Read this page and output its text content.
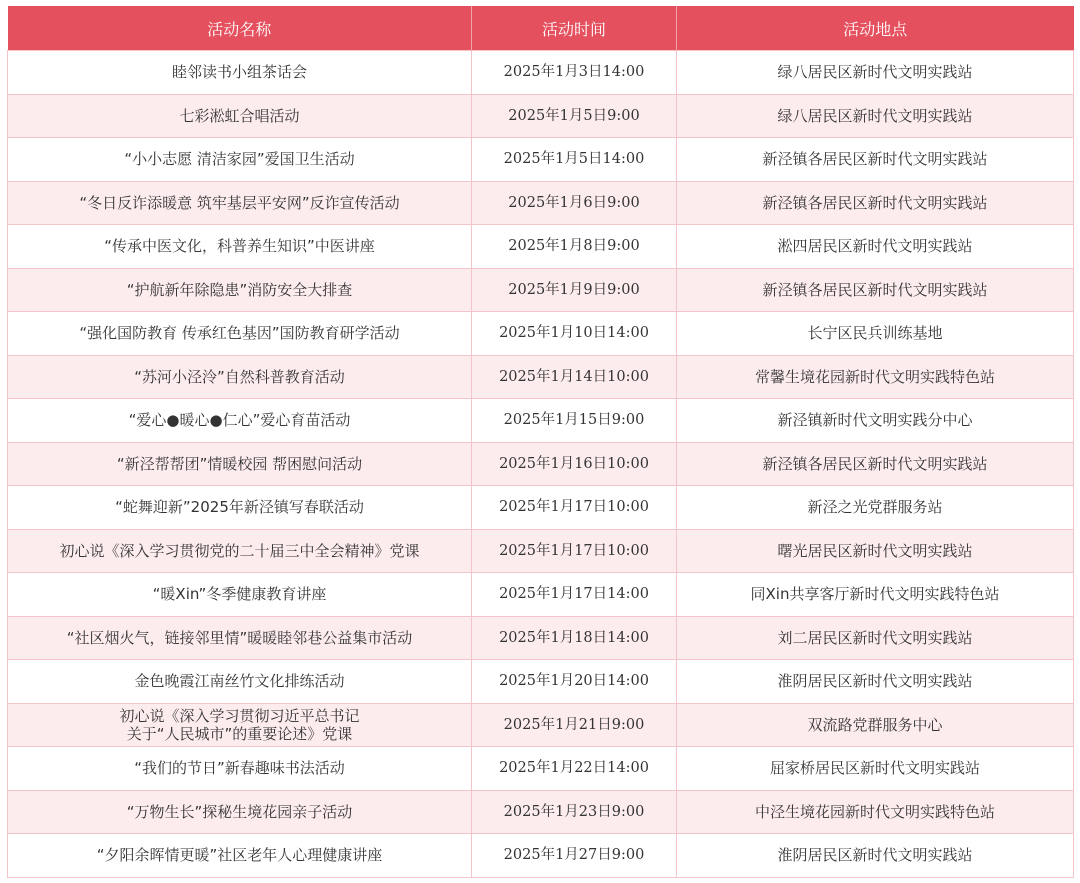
活动名称	活动时间	活动地点
睦邻读书小组茶话会	2025年1月3日14:00	绿八居民区新时代文明实践站
七彩淞虹合唱活动	2025年1月5日9:00	绿八居民区新时代文明实践站
“小小志愿 清洁家园”爱国卫生活动	2025年1月5日14:00	新泾镇各居民区新时代文明实践站
“冬日反诈添暖意 筑牢基层平安网”反诈宣传活动	2025年1月6日9:00	新泾镇各居民区新时代文明实践站
“传承中医文化，科普养生知识”中医讲座	2025年1月8日9:00	淞四居民区新时代文明实践站
“护航新年除隐患”消防安全大排查	2025年1月9日9:00	新泾镇各居民区新时代文明实践站
“强化国防教育 传承红色基因”国防教育研学活动	2025年1月10日14:00	长宁区民兵训练基地
“苏河小泾泠”自然科普教育活动	2025年1月14日10:00	常馨生境花园新时代文明实践特色站
“爱心●暖心●仁心”爱心育苗活动	2025年1月15日9:00	新泾镇新时代文明实践分中心
“新泾帮帮团”情暖校园 帮困慰问活动	2025年1月16日10:00	新泾镇各居民区新时代文明实践站
“蛇舞迎新”2025年新泾镇写春联活动	2025年1月17日10:00	新泾之光党群服务站
初心说《深入学习贯彻党的二十届三中全会精神》党课	2025年1月17日10:00	曙光居民区新时代文明实践站
“暖Xin”冬季健康教育讲座	2025年1月17日14:00	同Xin共享客厅新时代文明实践特色站
“社区烟火气，链接邻里情”暖暖睦邻巷公益集市活动	2025年1月18日14:00	刘二居民区新时代文明实践站
金色晚霞江南丝竹文化排练活动	2025年1月20日14:00	淮阴居民区新时代文明实践站
初心说《深入学习贯彻习近平总书记
关于“人民城市”的重要论述》党课	2025年1月21日9:00	双流路党群服务中心
“我们的节日”新春趣味书法活动	2025年1月22日14:00	屈家桥居民区新时代文明实践站
“万物生长”探秘生境花园亲子活动	2025年1月23日9:00	中泾生境花园新时代文明实践特色站
“夕阳余晖情更暖”社区老年人心理健康讲座	2025年1月27日9:00	淮阴居民区新时代文明实践站
